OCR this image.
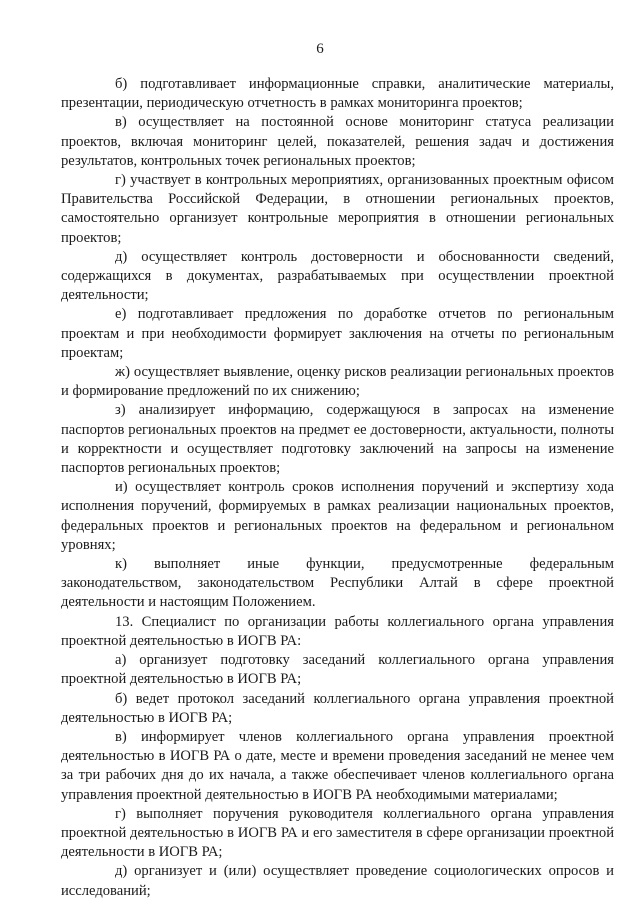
6

б) подготавливает информационные справки, аналитические материалы, презентации, периодическую отчетность в рамках мониторинга проектов;

в) осуществляет на постоянной основе мониторинг статуса реализации проектов, включая мониторинг целей, показателей, решения задач и достижения результатов, контрольных точек региональных проектов;

г) участвует в контрольных мероприятиях, организованных проектным офисом Правительства Российской Федерации, в отношении региональных проектов, самостоятельно организует контрольные мероприятия в отношении региональных проектов;

д) осуществляет контроль достоверности и обоснованности сведений, содержащихся в документах, разрабатываемых при осуществлении проектной деятельности;

е) подготавливает предложения по доработке отчетов по региональным проектам и при необходимости формирует заключения на отчеты по региональным проектам;

ж) осуществляет выявление, оценку рисков реализации региональных проектов и формирование предложений по их снижению;

з) анализирует информацию, содержащуюся в запросах на изменение паспортов региональных проектов на предмет ее достоверности, актуальности, полноты и корректности и осуществляет подготовку заключений на запросы на изменение паспортов региональных проектов;

и) осуществляет контроль сроков исполнения поручений и экспертизу хода исполнения поручений, формируемых в рамках реализации национальных проектов, федеральных проектов и региональных проектов на федеральном и региональном уровнях;

к) выполняет иные функции, предусмотренные федеральным законодательством, законодательством Республики Алтай в сфере проектной деятельности и настоящим Положением.

13. Специалист по организации работы коллегиального органа управления проектной деятельностью в ИОГВ РА:

а) организует подготовку заседаний коллегиального органа управления проектной деятельностью в ИОГВ РА;

б) ведет протокол заседаний коллегиального органа управления проектной деятельностью в ИОГВ РА;

в) информирует членов коллегиального органа управления проектной деятельностью в ИОГВ РА о дате, месте и времени проведения заседаний не менее чем за три рабочих дня до их начала, а также обеспечивает членов коллегиального органа управления проектной деятельностью в ИОГВ РА необходимыми материалами;

г) выполняет поручения руководителя коллегиального органа управления проектной деятельностью в ИОГВ РА и его заместителя в сфере организации проектной деятельности в ИОГВ РА;

д) организует и (или) осуществляет проведение социологических опросов и исследований;
